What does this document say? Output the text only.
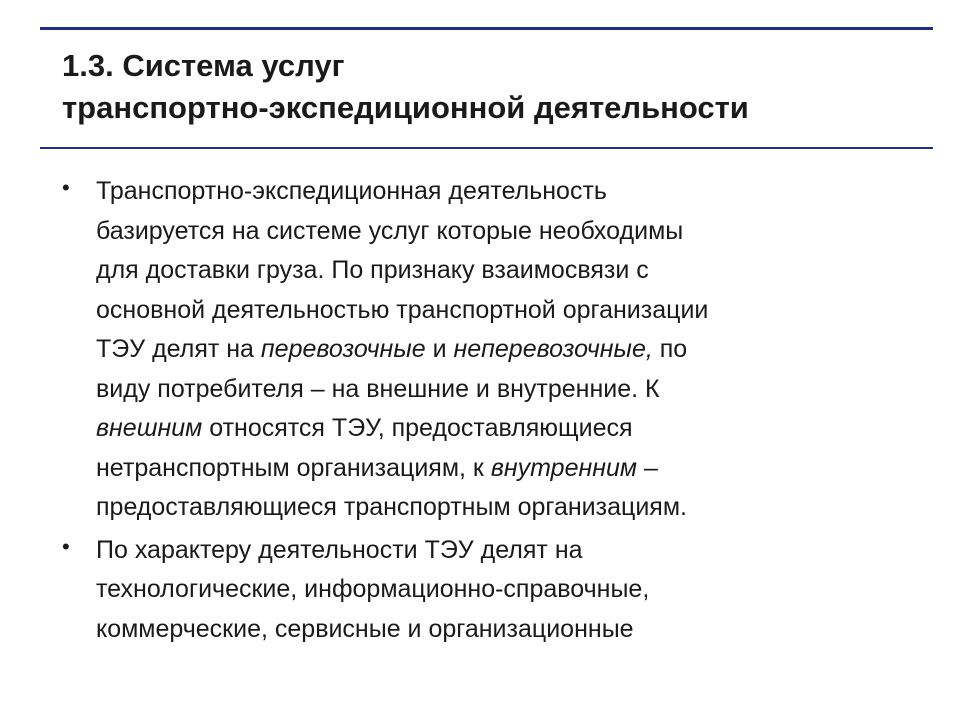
1.3. Система услуг
транспортно-экспедиционной деятельности
• Транспортно-экспедиционная деятельность
базируется на системе услуг которые необходимы
для доставки груза. По признаку взаимосвязи с
основной деятельностью транспортной организации
ТЭУ делят на перевозочные и неперевозочные, по
виду потребителя – на внешние и внутренние. К
внешним относятся ТЭУ, предоставляющиеся
нетранспортным организациям, к внутренним –
предоставляющиеся транспортным организациям.
• По характеру деятельности ТЭУ делят на
технологические, информационно-справочные,
коммерческие, сервисные и организационные
